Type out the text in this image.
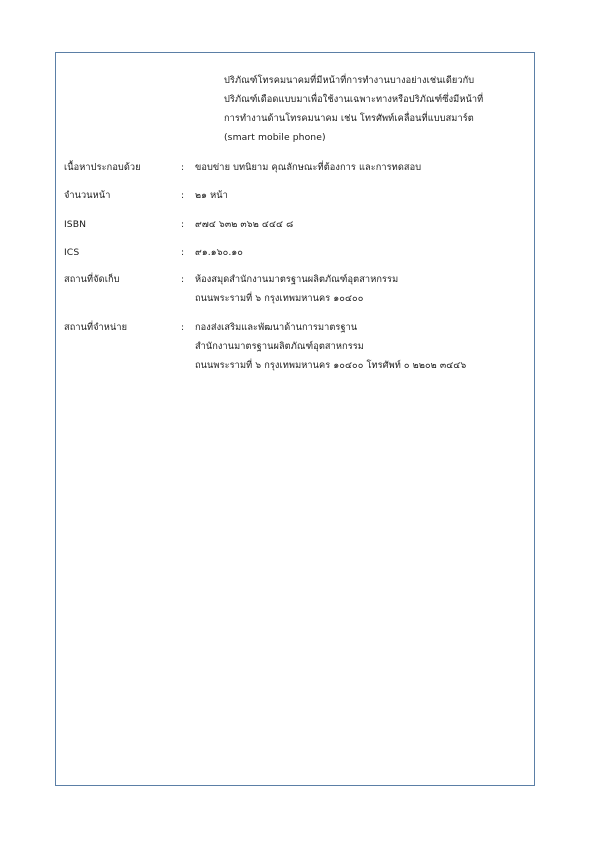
ปริภัณฑ์โทรคมนาคมที่มีหน้าที่การทำงานบางอย่างเช่นเดียวกับ
ปริภัณฑ์เดือดแบบมาเพื่อใช้งานเฉพาะทางหรือปริภัณฑ์ซึ่งมีหน้าที่
การทำงานด้านโทรคมนาคม เช่น โทรศัพท์เคลื่อนที่แบบสมาร์ต
(smart mobile phone)
เนื้อหาประกอบด้วย	: ขอบข่าย บทนิยาม คุณลักษณะที่ต้องการ และการทดสอบ
จำนวนหน้า	: ๒๑ หน้า
ISBN	: ๙๗๔ ๖๓๒ ๓๖๒ ๔๔๔ ๘
ICS	: ๙๑.๑๖๐.๑๐
สถานที่จัดเก็บ	: ห้องสมุดสำนักงานมาตรฐานผลิตภัณฑ์อุตสาหกรรม
ถนนพระรามที่ ๖ กรุงเทพมหานคร ๑๐๔๐๐
สถานที่จำหน่าย	: กองส่งเสริมและพัฒนาด้านการมาตรฐาน
สำนักงานมาตรฐานผลิตภัณฑ์อุตสาหกรรม
ถนนพระรามที่ ๖ กรุงเทพมหานคร ๑๐๔๐๐ โทรศัพท์ ๐ ๒๒๐๒ ๓๔๔๖
